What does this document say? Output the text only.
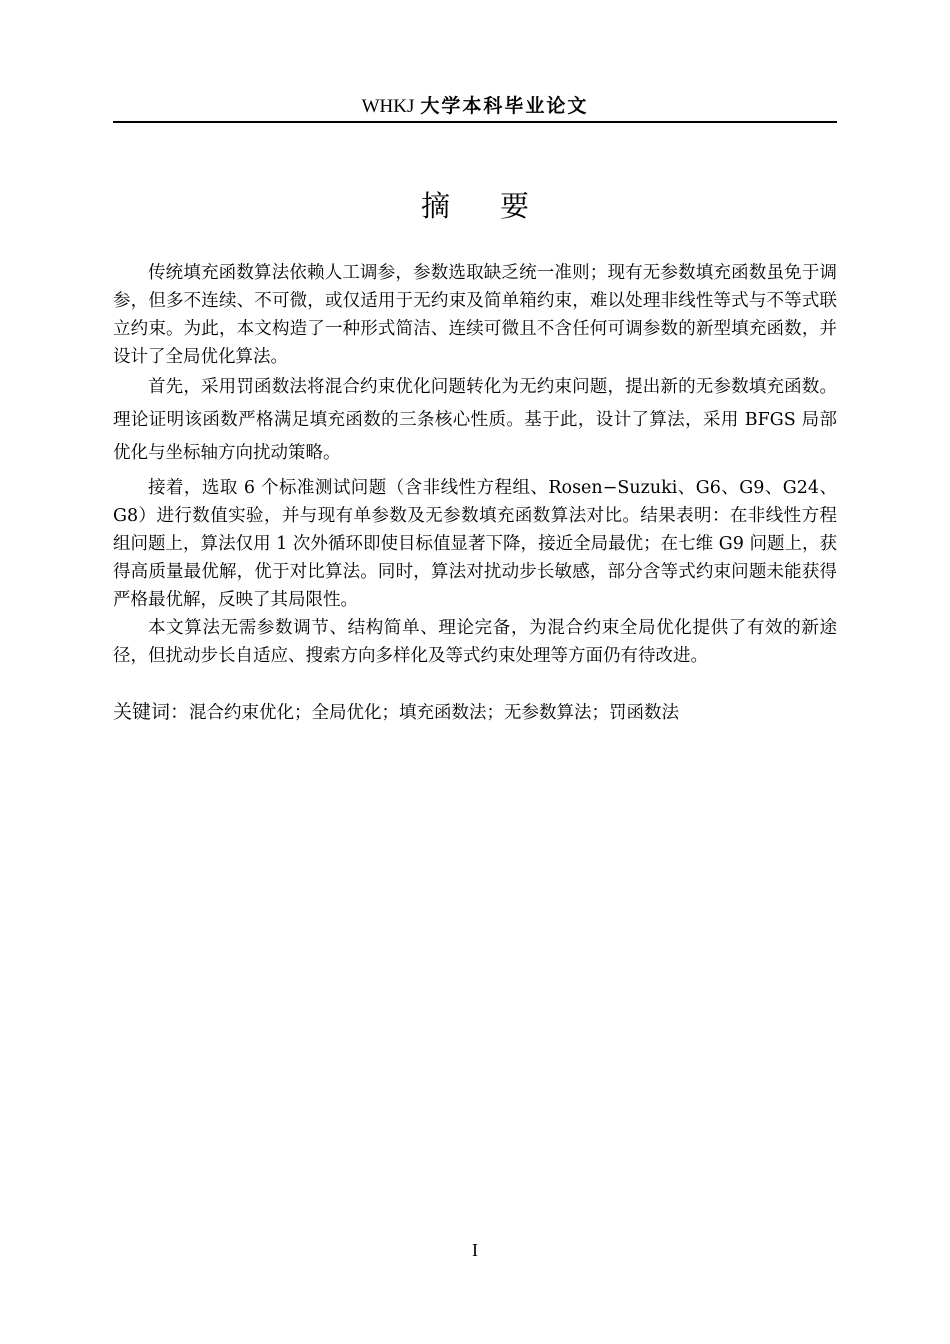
WHKJ 大学本科毕业论文
摘要

传统填充函数算法依赖人工调参，参数选取缺乏统一准则；现有无参数填充函数虽免于调参，但多不连续、不可微，或仅适用于无约束及简单箱约束，难以处理非线性等式与不等式联立约束。为此，本文构造了一种形式简洁、连续可微且不含任何可调参数的新型填充函数，并设计了全局优化算法。

首先，采用罚函数法将混合约束优化问题转化为无约束问题，提出新的无参数填充函数。理论证明该函数严格满足填充函数的三条核心性质。基于此，设计了算法，采用 BFGS 局部优化与坐标轴方向扰动策略。

接着，选取 6 个标准测试问题（含非线性方程组、Rosen−Suzuki、G6、G9、G24、G8）进行数值实验，并与现有单参数及无参数填充函数算法对比。结果表明：在非线性方程组问题上，算法仅用 1 次外循环即使目标值显著下降，接近全局最优；在七维 G9 问题上，获得高质量最优解，优于对比算法。同时，算法对扰动步长敏感，部分含等式约束问题未能获得严格最优解，反映了其局限性。

本文算法无需参数调节、结构简单、理论完备，为混合约束全局优化提供了有效的新途径，但扰动步长自适应、搜索方向多样化及等式约束处理等方面仍有待改进。

关键词：混合约束优化；全局优化；填充函数法；无参数算法；罚函数法
I
